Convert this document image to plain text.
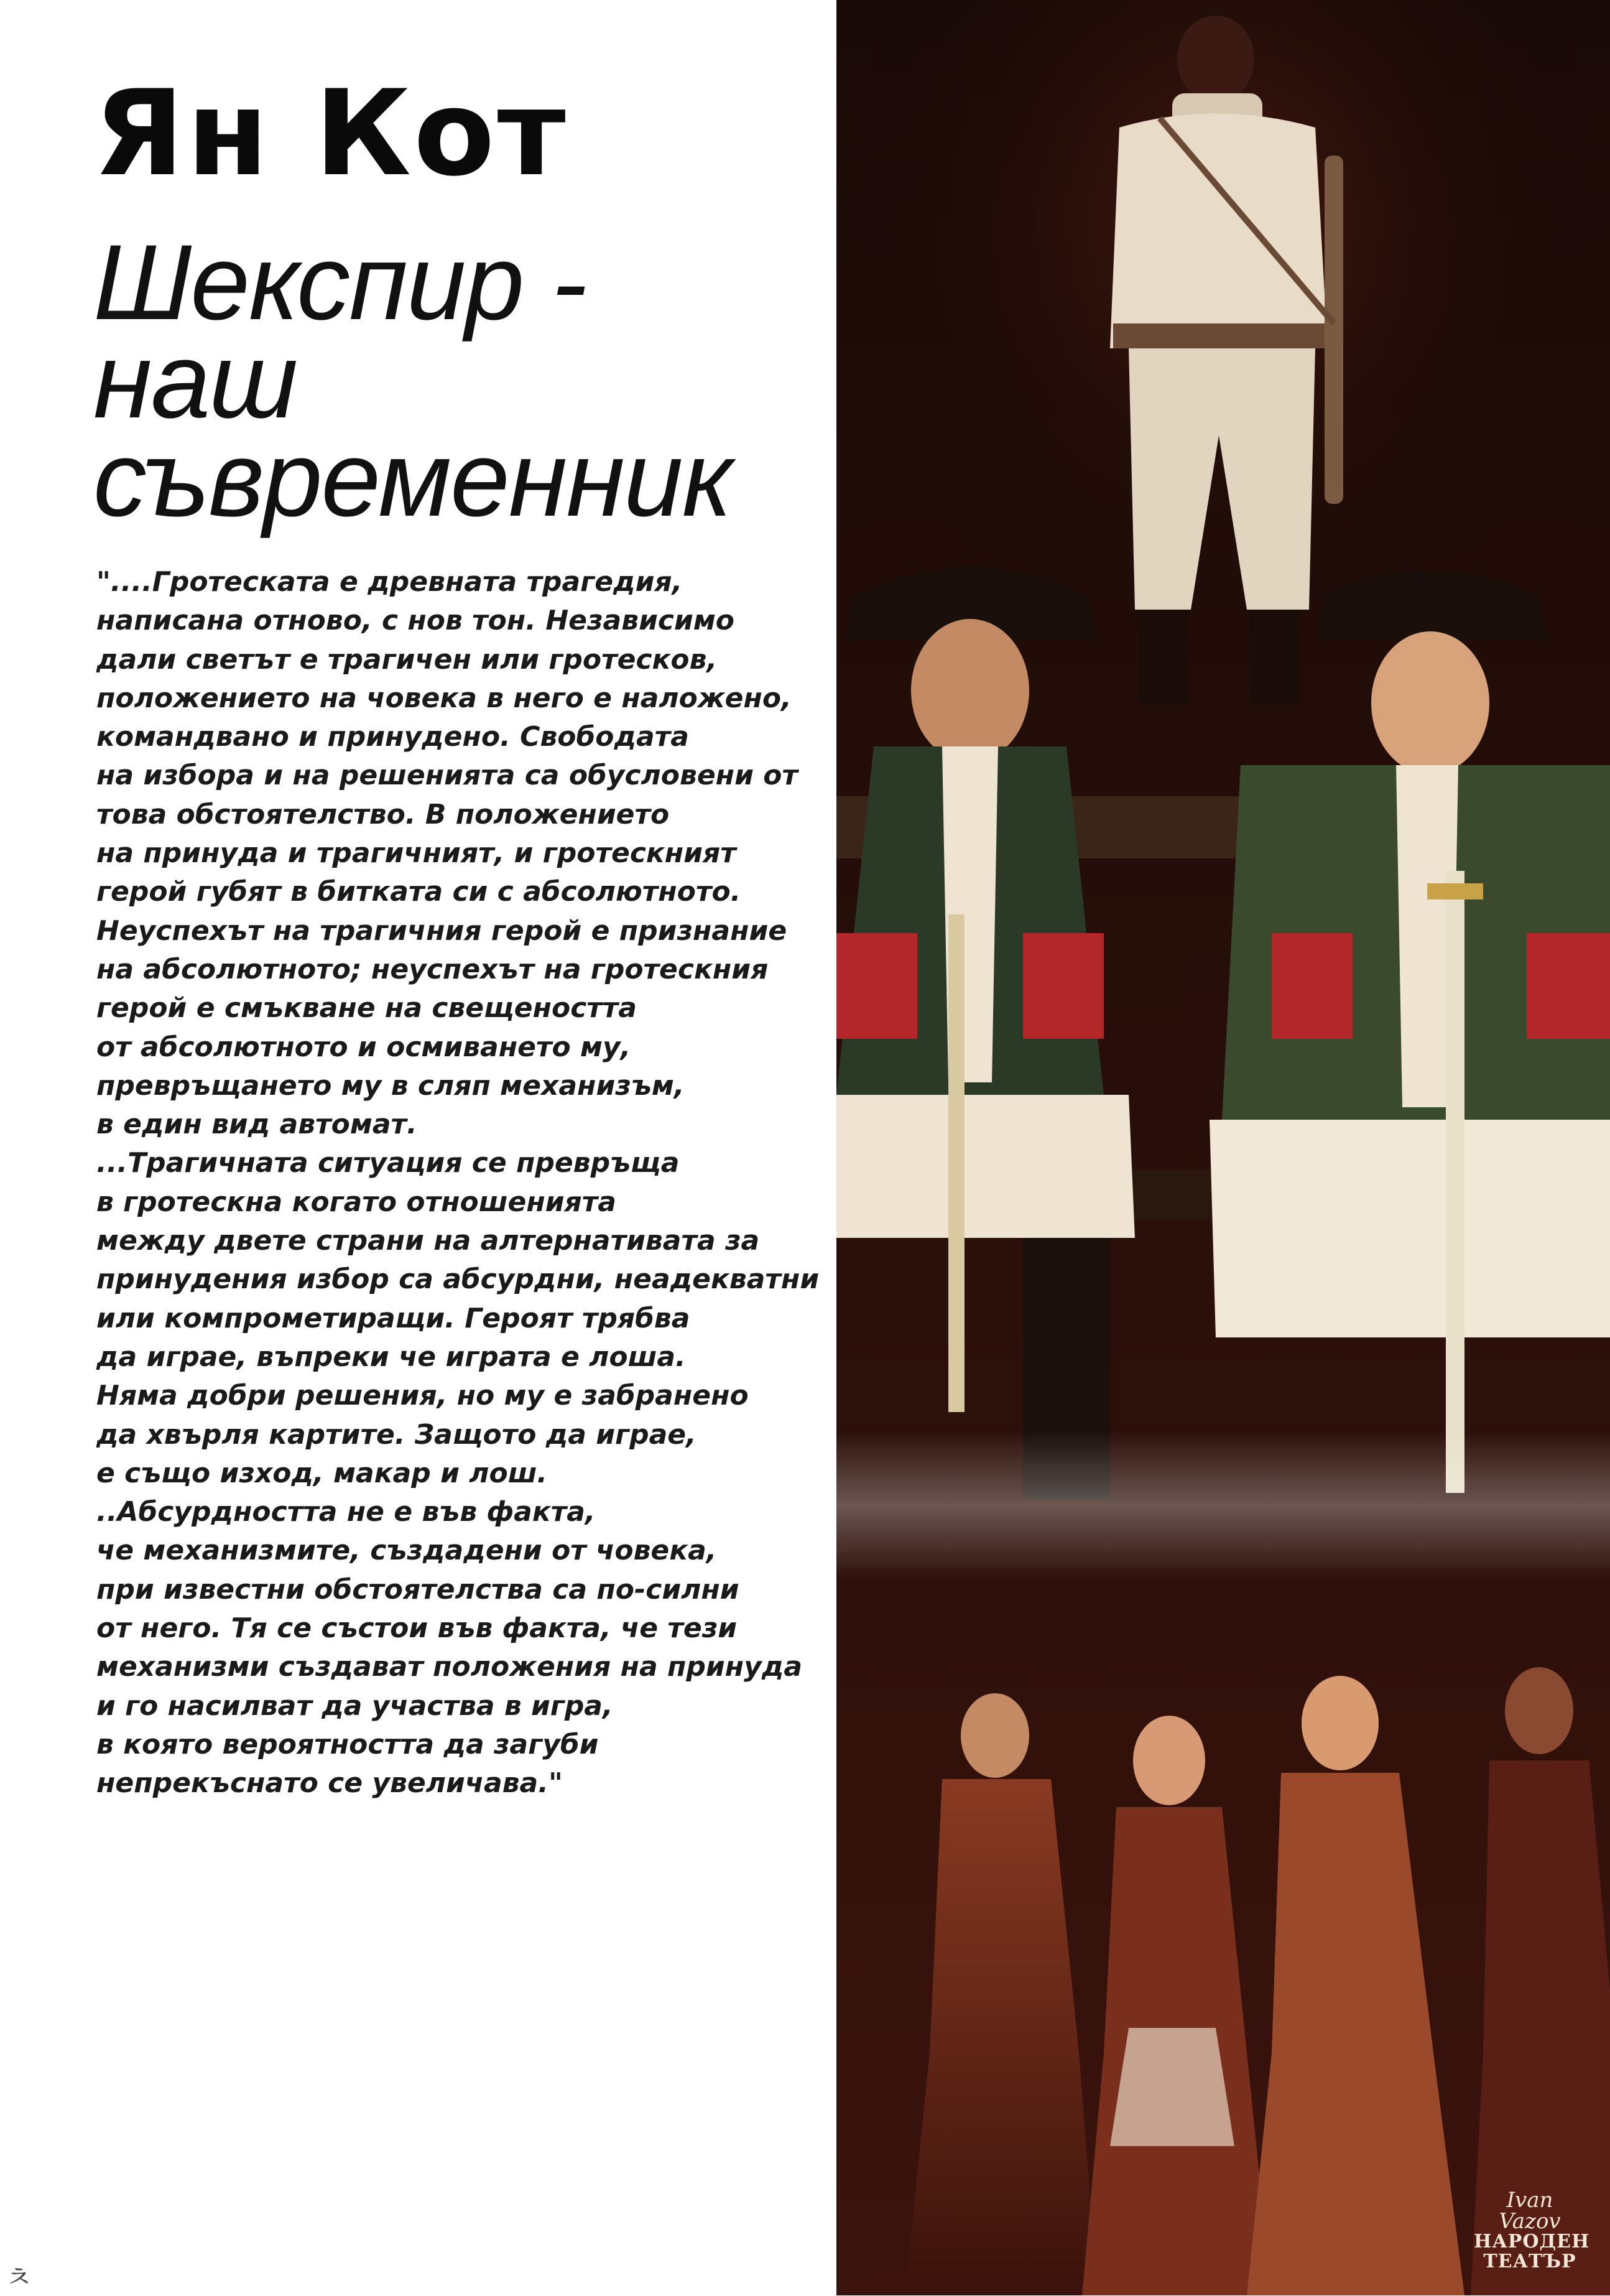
Ян Кот
Шекспир -
наш
съвременник
"....Гротеската е древната трагедия,
написана отново, с нов тон. Независимо
дали светът е трагичен или гротесков,
положението на човека в него е наложено,
командвано и принудено. Свободата
на избора и на решенията са обусловени от
това обстоятелство. В положението
на принуда и трагичният, и гротескният
герой губят в битката си с абсолютното.
Неуспехът на трагичния герой е признание
на абсолютното; неуспехът на гротескния
герой е смъкване на свещеността
от абсолютното и осмиването му,
превръщането му в сляп механизъм,
в един вид автомат.
...Трагичната ситуация се превръща
в гротескна когато отношенията
между двете страни на алтернативата за
принудения избор са абсурдни, неадекватни
или компрометиращи. Героят трябва
да играе, въпреки че играта е лоша.
Няма добри решения, но му е забранено
да хвърля картите. Защото да играе,
е също изход, макар и лош.
..Абсурдността не е във факта,
че механизмите, създадени от човека,
при известни обстоятелства са по-силни
от него. Тя се състои във факта, че тези
механизми създават положения на принуда
и го насилват да участва в игра,
в която вероятността да загуби
непрекъснато се увеличава."
ㅊ
Ivan Vazov
НАРОДЕН
ТЕАТЪР
